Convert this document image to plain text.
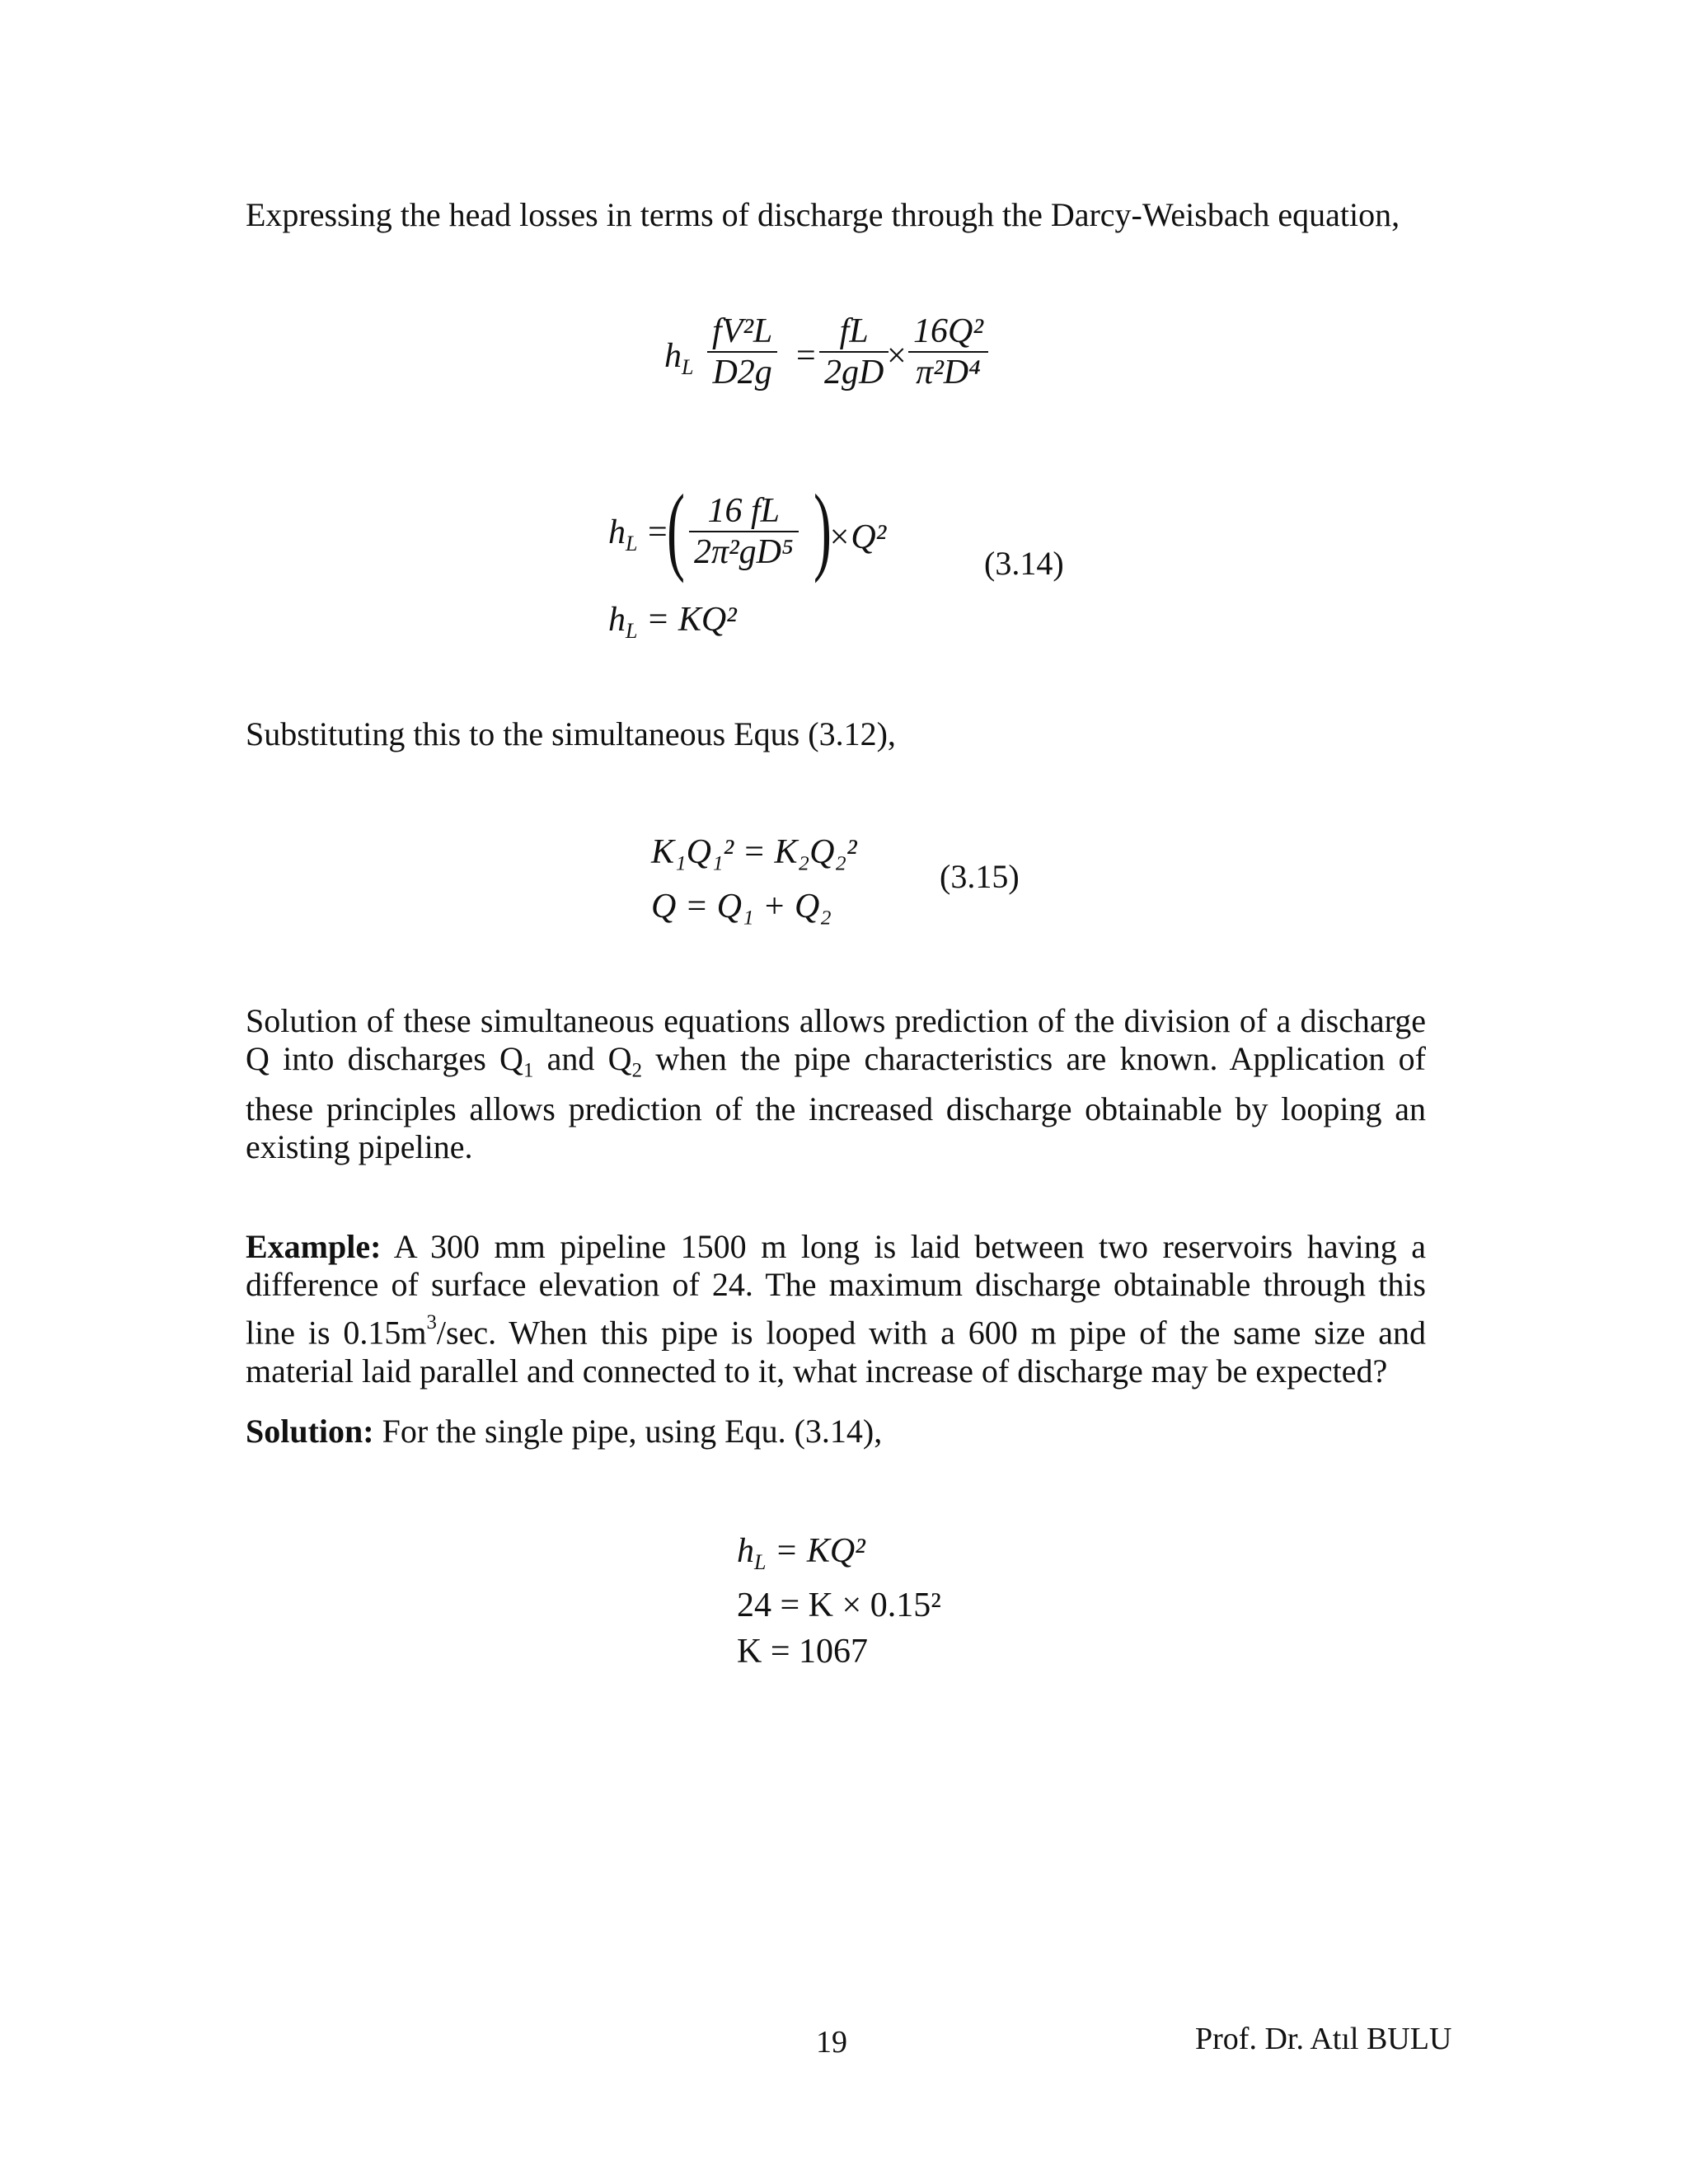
Expressing the head losses in terms of discharge through the Darcy-Weisbach equation,
$h_L \frac{\text{fV²L}}{D2g} = \frac{fL}{2gD}$
× $\frac{\text{16Q²}}{\text{π²D⁴}}$
$h_L$ = ( $\frac{16 fL}{\text{2π²gD⁵}}$ )
×Q²
(3.14)
$h_L = KQ^2$
Substituting this to the simultaneous Equs (3.12),
K₁Q₁² = K₂Q₂²
Q = Q₁ + Q₂
(3.15)
Solution of these simultaneous equations allows prediction of the division of a discharge Q into discharges $Q_1$ and $Q_2$ when the pipe characteristics are known. Application of these principles allows prediction of the increased discharge obtainable by looping an existing pipeline.
Example: A 300 mm pipeline 1500 m long is laid between two reservoirs having a difference of surface elevation of 24. The maximum discharge obtainable through this line is $0.15m^3/\sec$. When this pipe is looped with a 600 m pipe of the same size and material laid parallel and connected to it, what increase of discharge may be expected?
Solution: For the single pipe, using Equ. (3.14),
$h_L = KQ^2$
24 = K × 0.15²
K = 1067
19	Prof. Dr. Atıl BULU
